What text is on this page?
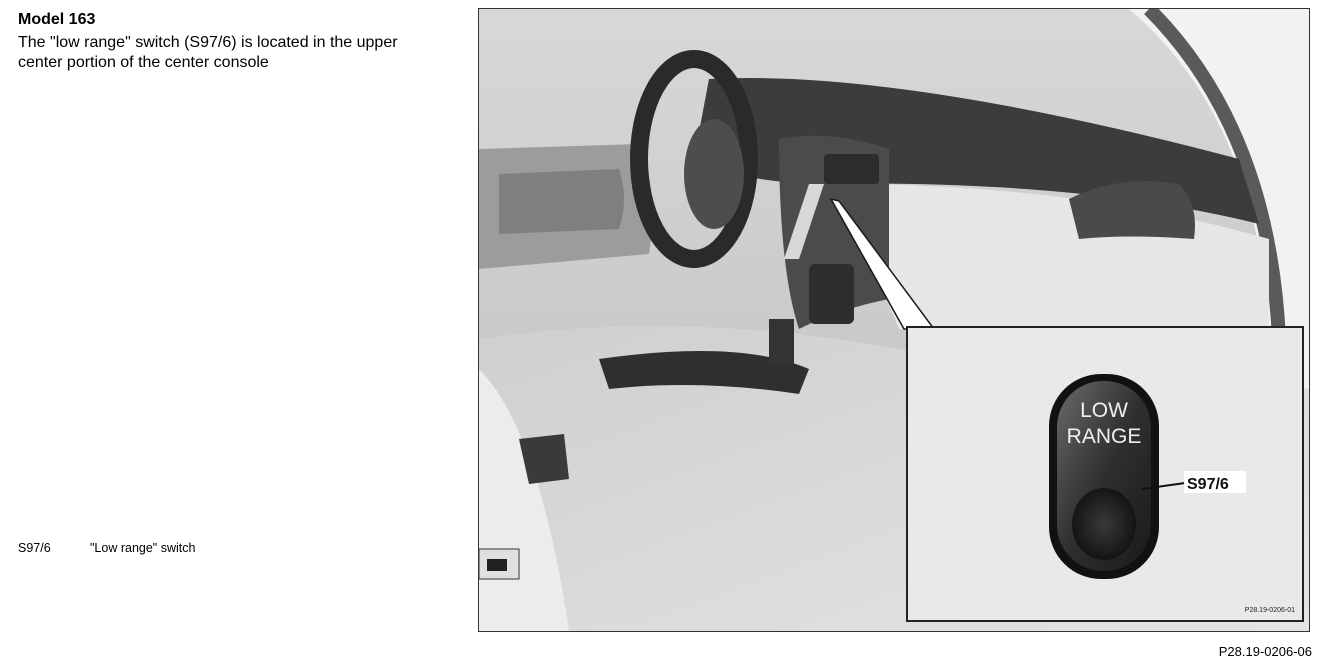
Model 163
The "low range" switch (S97/6) is located in the upper center portion of the center console
S97/6	"Low range" switch
LOW
RANGE
S97/6
P28.19-0206-01
P28.19-0206-06
